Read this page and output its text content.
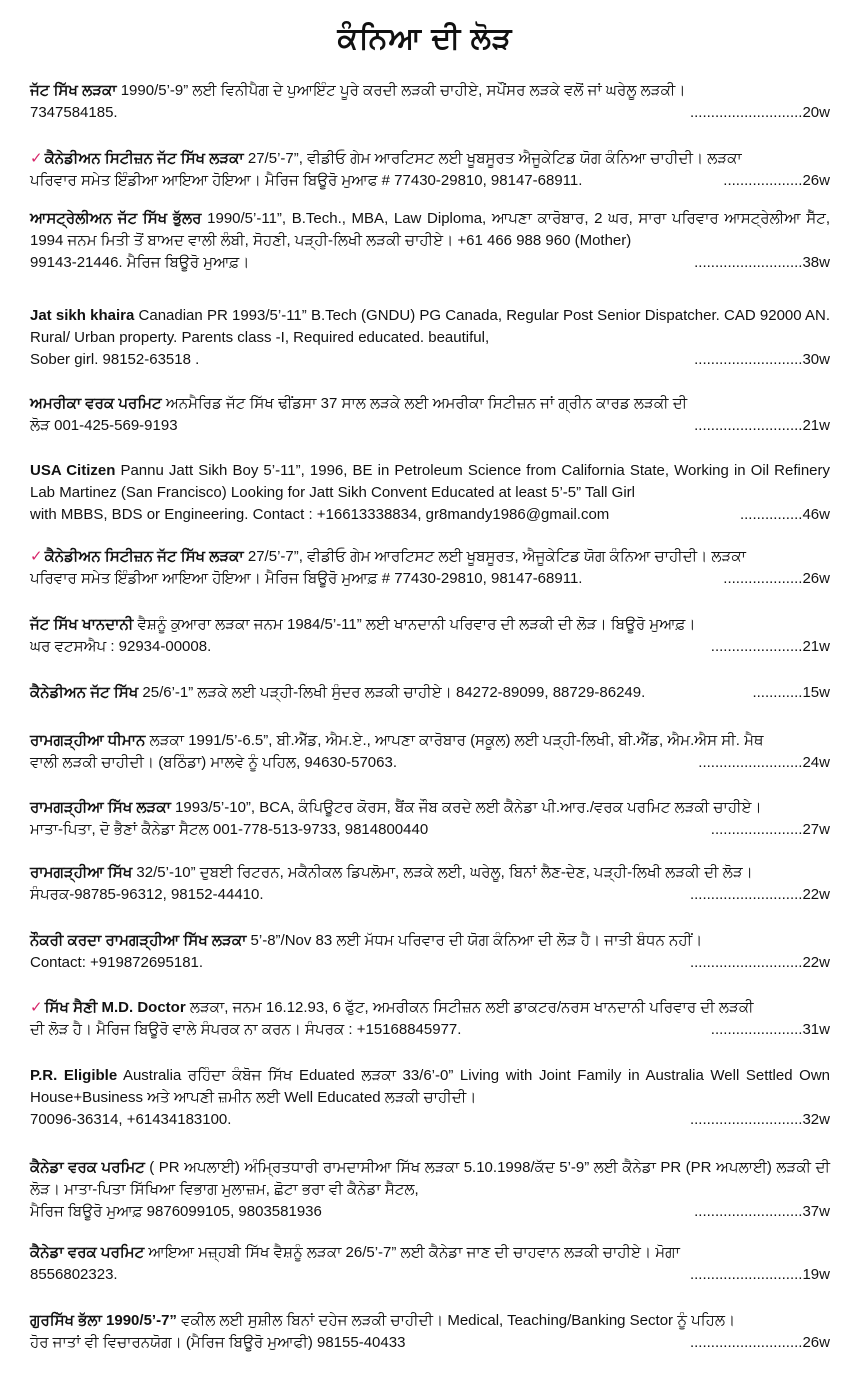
ਕੰਨਿਆ ਦੀ ਲੋੜ
ਜੱਟ ਸਿੱਖ ਲੜਕਾ 1990/5’-9” ਲਈ ਵਿਨੀਪੈਗ ਦੇ ਪੁਆਇੰਟ ਪੂਰੇ ਕਰਦੀ ਲੜਕੀ ਚਾਹੀਏ, ਸਪੌਂਸਰ ਲੜਕੇ ਵਲੋਂ ਜਾਂ ਘਰੇਲੂ ਲੜਕੀ।
7347584185.	...........................20w
✓ ਕੈਨੇਡੀਅਨ ਸਿਟੀਜ਼ਨ ਜੱਟ ਸਿੱਖ ਲੜਕਾ 27/5’-7”, ਵੀਡੀਓ ਗੇਮ ਆਰਟਿਸਟ ਲਈ ਖੂਬਸੂਰਤ ਐਜੂਕੇਟਿਡ ਯੋਗ ਕੰਨਿਆ ਚਾਹੀਦੀ। ਲੜਕਾ
ਪਰਿਵਾਰ ਸਮੇਤ ਇੰਡੀਆ ਆਇਆ ਹੋਇਆ। ਮੈਰਿਜ ਬਿਊਰੋ ਮੁਆਫ # 77430-29810, 98147-68911.	...................26w
ਆਸਟ੍ਰੇਲੀਅਨ ਜੱਟ ਸਿੱਖ ਭੁੱਲਰ 1990/5’-11”, B.Tech., MBA, Law Diploma, ਆਪਣਾ ਕਾਰੋਬਾਰ, 2 ਘਰ, ਸਾਰਾ ਪਰਿਵਾਰ ਆਸਟ੍ਰੇਲੀਆ ਸੈੱਟ, 1994 ਜਨਮ ਮਿਤੀ ਤੋਂ ਬਾਅਦ ਵਾਲੀ ਲੰਬੀ, ਸੋਹਣੀ, ਪੜ੍ਹੀ-ਲਿਖੀ ਲੜਕੀ ਚਾਹੀਏ। +61 466 988 960 (Mother)
99143-21446. ਮੈਰਿਜ ਬਿਊਰੋ ਮੁਆਫ਼।	..........................38w
Jat sikh khaira Canadian PR 1993/5’-11” B.Tech (GNDU) PG Canada, Regular Post Senior Dispatcher. CAD 92000 AN. Rural/ Urban property. Parents class -I, Required educated. beautiful,
Sober girl. 98152-63518 .	..........................30w
ਅਮਰੀਕਾ ਵਰਕ ਪਰਮਿਟ ਅਨਮੈਰਿਡ ਜੱਟ ਸਿੱਖ ਢੀਂਡਸਾ 37 ਸਾਲ ਲੜਕੇ ਲਈ ਅਮਰੀਕਾ ਸਿਟੀਜ਼ਨ ਜਾਂ ਗ੍ਰੀਨ ਕਾਰਡ ਲੜਕੀ ਦੀ
ਲੋੜ 001-425-569-9193	..........................21w
USA Citizen Pannu Jatt Sikh Boy 5’-11”, 1996, BE in Petroleum Science from California State, Working in Oil Refinery Lab Martinez (San Francisco) Looking for Jatt Sikh Convent Educated at least 5’-5” Tall Girl
with MBBS, BDS or Engineering. Contact : +16613338834, gr8mandy1986@gmail.com	...............46w
✓ ਕੈਨੇਡੀਅਨ ਸਿਟੀਜ਼ਨ ਜੱਟ ਸਿੱਖ ਲੜਕਾ 27/5’-7”, ਵੀਡੀਓ ਗੇਮ ਆਰਟਿਸਟ ਲਈ ਖੂਬਸੂਰਤ, ਐਜੂਕੇਟਿਡ ਯੋਗ ਕੰਨਿਆ ਚਾਹੀਦੀ। ਲੜਕਾ
ਪਰਿਵਾਰ ਸਮੇਤ ਇੰਡੀਆ ਆਇਆ ਹੋਇਆ। ਮੈਰਿਜ ਬਿਊਰੋ ਮੁਆਫ਼ # 77430-29810, 98147-68911.	...................26w
ਜੱਟ ਸਿੱਖ ਖਾਨਦਾਨੀ ਵੈਸ਼ਨੂੰ ਕੁਆਰਾ ਲੜਕਾ ਜਨਮ 1984/5’-11” ਲਈ ਖਾਨਦਾਨੀ ਪਰਿਵਾਰ ਦੀ ਲੜਕੀ ਦੀ ਲੋੜ। ਬਿਊਰੋ ਮੁਆਫ਼।
ਘਰ ਵਟਸਐਪ : 92934-00008.	......................21w
ਕੈਨੇਡੀਅਨ ਜੱਟ ਸਿੱਖ 25/6’-1” ਲੜਕੇ ਲਈ ਪੜ੍ਹੀ-ਲਿਖੀ ਸੁੰਦਰ ਲੜਕੀ ਚਾਹੀਏ। 84272-89099, 88729-86249.	............15w
ਰਾਮਗੜ੍ਹੀਆ ਧੀਮਾਨ ਲੜਕਾ 1991/5’-6.5”, ਬੀ.ਐੱਡ, ਐਮ.ਏ., ਆਪਣਾ ਕਾਰੋਬਾਰ (ਸਕੂਲ) ਲਈ ਪੜ੍ਹੀ-ਲਿਖੀ, ਬੀ.ਐੱਡ, ਐਮ.ਐਸ ਸੀ. ਮੈਥ
ਵਾਲੀ ਲੜਕੀ ਚਾਹੀਦੀ। (ਬਠਿੰਡਾ) ਮਾਲਵੇ ਨੂੰ ਪਹਿਲ, 94630-57063.	.........................24w
ਰਾਮਗੜ੍ਹੀਆ ਸਿੱਖ ਲੜਕਾ 1993/5’-10”, BCA, ਕੰਪਿਊਟਰ ਕੋਰਸ, ਬੈਂਕ ਜੌਬ ਕਰਦੇ ਲਈ ਕੈਨੇਡਾ ਪੀ.ਆਰ./ਵਰਕ ਪਰਮਿਟ ਲੜਕੀ ਚਾਹੀਏ।
ਮਾਤਾ-ਪਿਤਾ, ਦੋ ਭੈਣਾਂ ਕੈਨੇਡਾ ਸੈਟਲ 001-778-513-9733, 9814800440	......................27w
ਰਾਮਗੜ੍ਹੀਆ ਸਿੱਖ 32/5’-10” ਦੁਬਈ ਰਿਟਰਨ, ਮਕੈਨੀਕਲ ਡਿਪਲੋਮਾ, ਲੜਕੇ ਲਈ, ਘਰੇਲੂ, ਬਿਨਾਂ ਲੈਣ-ਦੇਣ, ਪੜ੍ਹੀ-ਲਿਖੀ ਲੜਕੀ ਦੀ ਲੋੜ।
ਸੰਪਰਕ-98785-96312, 98152-44410.	...........................22w
ਨੌਕਰੀ ਕਰਦਾ ਰਾਮਗੜ੍ਹੀਆ ਸਿੱਖ ਲੜਕਾ 5’-8”/Nov 83 ਲਈ ਮੱਧਮ ਪਰਿਵਾਰ ਦੀ ਯੋਗ ਕੰਨਿਆ ਦੀ ਲੋੜ ਹੈ। ਜਾਤੀ ਬੰਧਨ ਨਹੀਂ।
Contact: +919872695181.	...........................22w
✓ ਸਿੱਖ ਸੈਣੀ M.D. Doctor ਲੜਕਾ, ਜਨਮ 16.12.93, 6 ਫੁੱਟ, ਅਮਰੀਕਨ ਸਿਟੀਜ਼ਨ ਲਈ ਡਾਕਟਰ/ਨਰਸ ਖਾਨਦਾਨੀ ਪਰਿਵਾਰ ਦੀ ਲੜਕੀ
ਦੀ ਲੋੜ ਹੈ। ਮੈਰਿਜ ਬਿਊਰੋ ਵਾਲੇ ਸੰਪਰਕ ਨਾ ਕਰਨ। ਸੰਪਰਕ : +15168845977.	......................31w
P.R. Eligible Australia ਰਹਿੰਦਾ ਕੰਬੋਜ ਸਿੱਖ Eduated ਲੜਕਾ 33/6’-0” Living with Joint Family in Australia Well Settled Own House+Business ਅਤੇ ਆਪਣੀ ਜ਼ਮੀਨ ਲਈ Well Educated ਲੜਕੀ ਚਾਹੀਦੀ।
70096-36314, +61434183100.	...........................32w
ਕੈਨੇਡਾ ਵਰਕ ਪਰਮਿਟ ( PR ਅਪਲਾਈ) ਅੰਮ੍ਰਿਤਧਾਰੀ ਰਾਮਦਾਸੀਆ ਸਿੱਖ ਲੜਕਾ 5.10.1998/ਕੱਦ 5’-9” ਲਈ ਕੈਨੇਡਾ PR (PR ਅਪਲਾਈ) ਲੜਕੀ ਦੀ ਲੋੜ। ਮਾਤਾ-ਪਿਤਾ ਸਿੱਖਿਆ ਵਿਭਾਗ ਮੁਲਾਜ਼ਮ, ਛੋਟਾ ਭਰਾ ਵੀ ਕੈਨੇਡਾ ਸੈਟਲ,
ਮੈਰਿਜ ਬਿਊਰੋ ਮੁਆਫ਼ 9876099105, 9803581936	..........................37w
ਕੈਨੇਡਾ ਵਰਕ ਪਰਮਿਟ ਆਇਆ ਮਜ਼੍ਹਬੀ ਸਿੱਖ ਵੈਸ਼ਨੂੰ ਲੜਕਾ 26/5’-7” ਲਈ ਕੈਨੇਡਾ ਜਾਣ ਦੀ ਚਾਹਵਾਨ ਲੜਕੀ ਚਾਹੀਏ। ਮੋਗਾ
8556802323.	...........................19w
ਗੁਰਸਿੱਖ ਭੱਲਾ 1990/5’-7” ਵਕੀਲ ਲਈ ਸੁਸ਼ੀਲ ਬਿਨਾਂ ਦਹੇਜ ਲੜਕੀ ਚਾਹੀਦੀ। Medical, Teaching/Banking Sector ਨੂੰ ਪਹਿਲ।
ਹੋਰ ਜਾਤਾਂ ਵੀ ਵਿਚਾਰਨਯੋਗ। (ਮੈਰਿਜ ਬਿਊਰੋ ਮੁਆਫੀ) 98155-40433	...........................26w
